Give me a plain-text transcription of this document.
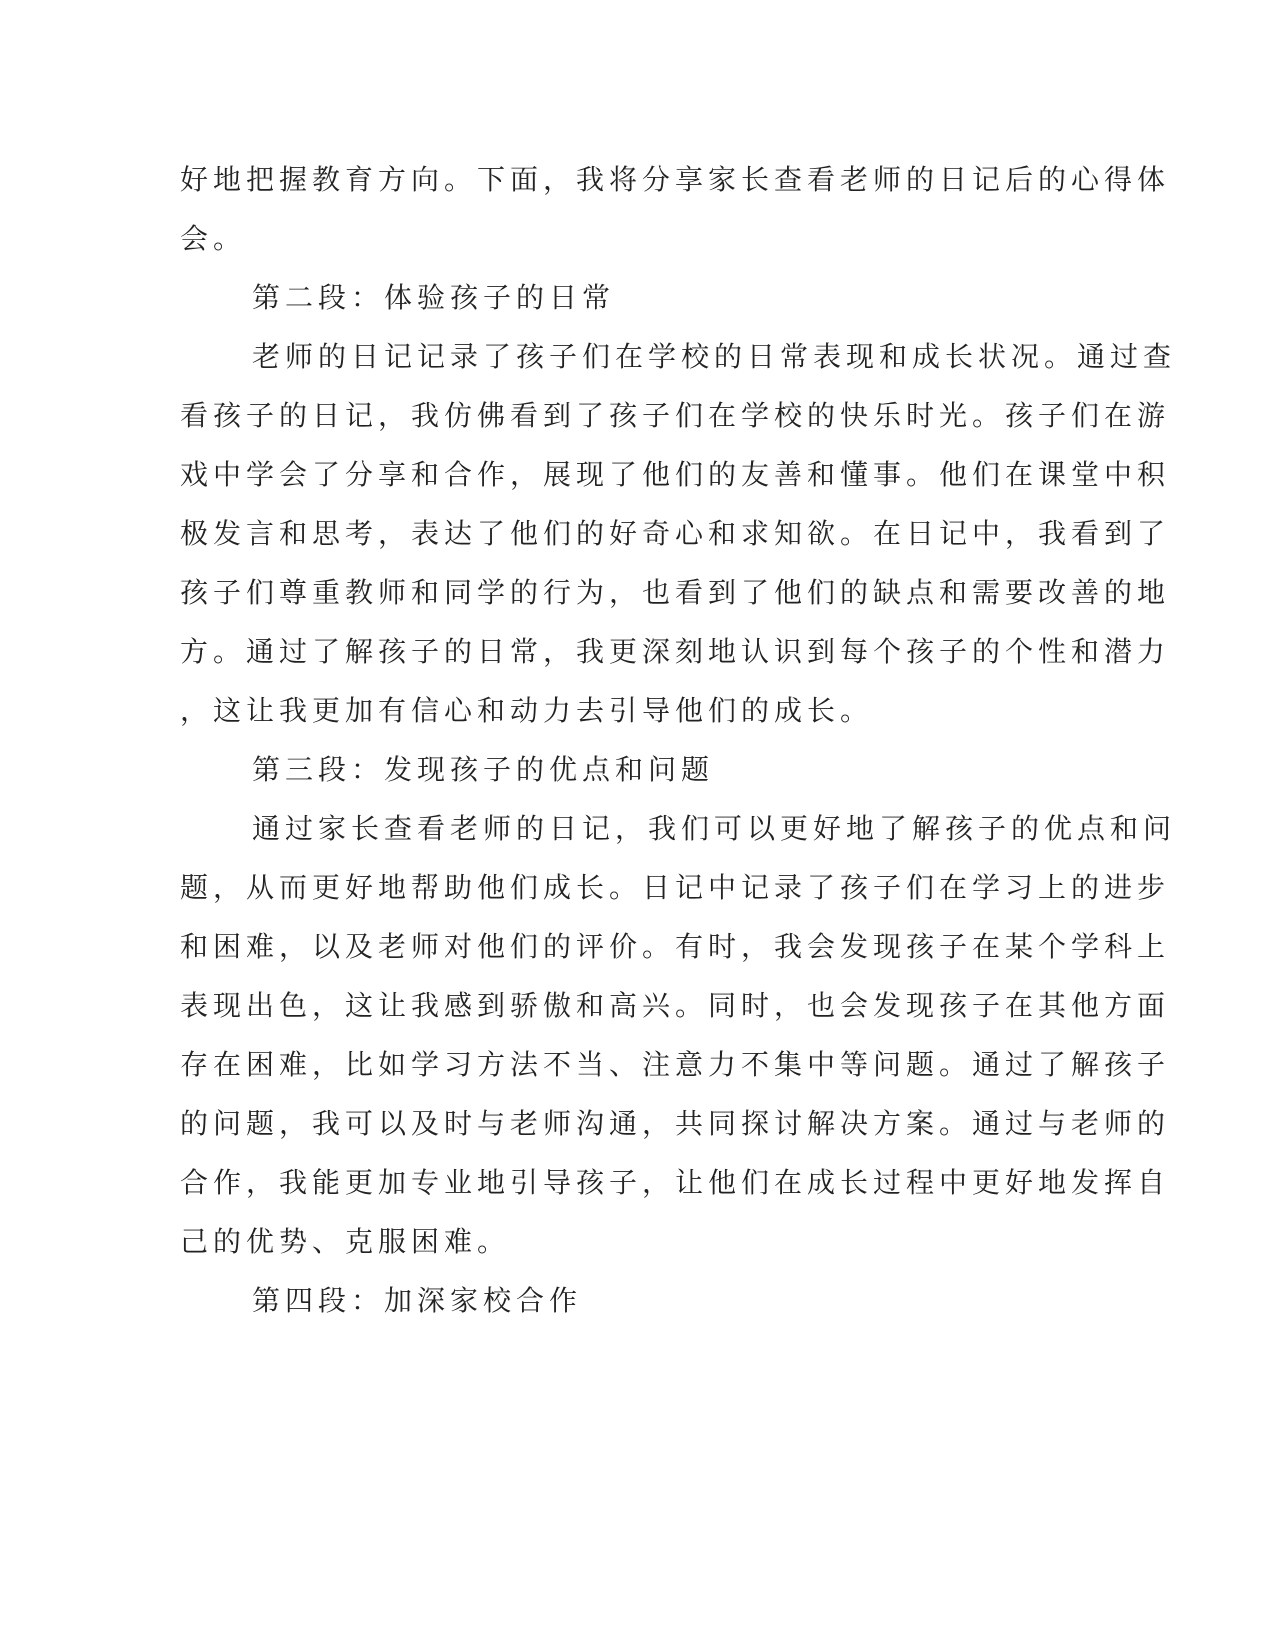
好地把握教育方向。下面，我将分享家长查看老师的日记后的心得体
会。
第二段：体验孩子的日常
老师的日记记录了孩子们在学校的日常表现和成长状况。通过查
看孩子的日记，我仿佛看到了孩子们在学校的快乐时光。孩子们在游
戏中学会了分享和合作，展现了他们的友善和懂事。他们在课堂中积
极发言和思考，表达了他们的好奇心和求知欲。在日记中，我看到了
孩子们尊重教师和同学的行为，也看到了他们的缺点和需要改善的地
方。通过了解孩子的日常，我更深刻地认识到每个孩子的个性和潜力
，这让我更加有信心和动力去引导他们的成长。
第三段：发现孩子的优点和问题
通过家长查看老师的日记，我们可以更好地了解孩子的优点和问
题，从而更好地帮助他们成长。日记中记录了孩子们在学习上的进步
和困难，以及老师对他们的评价。有时，我会发现孩子在某个学科上
表现出色，这让我感到骄傲和高兴。同时，也会发现孩子在其他方面
存在困难，比如学习方法不当、注意力不集中等问题。通过了解孩子
的问题，我可以及时与老师沟通，共同探讨解决方案。通过与老师的
合作，我能更加专业地引导孩子，让他们在成长过程中更好地发挥自
己的优势、克服困难。
第四段：加深家校合作
